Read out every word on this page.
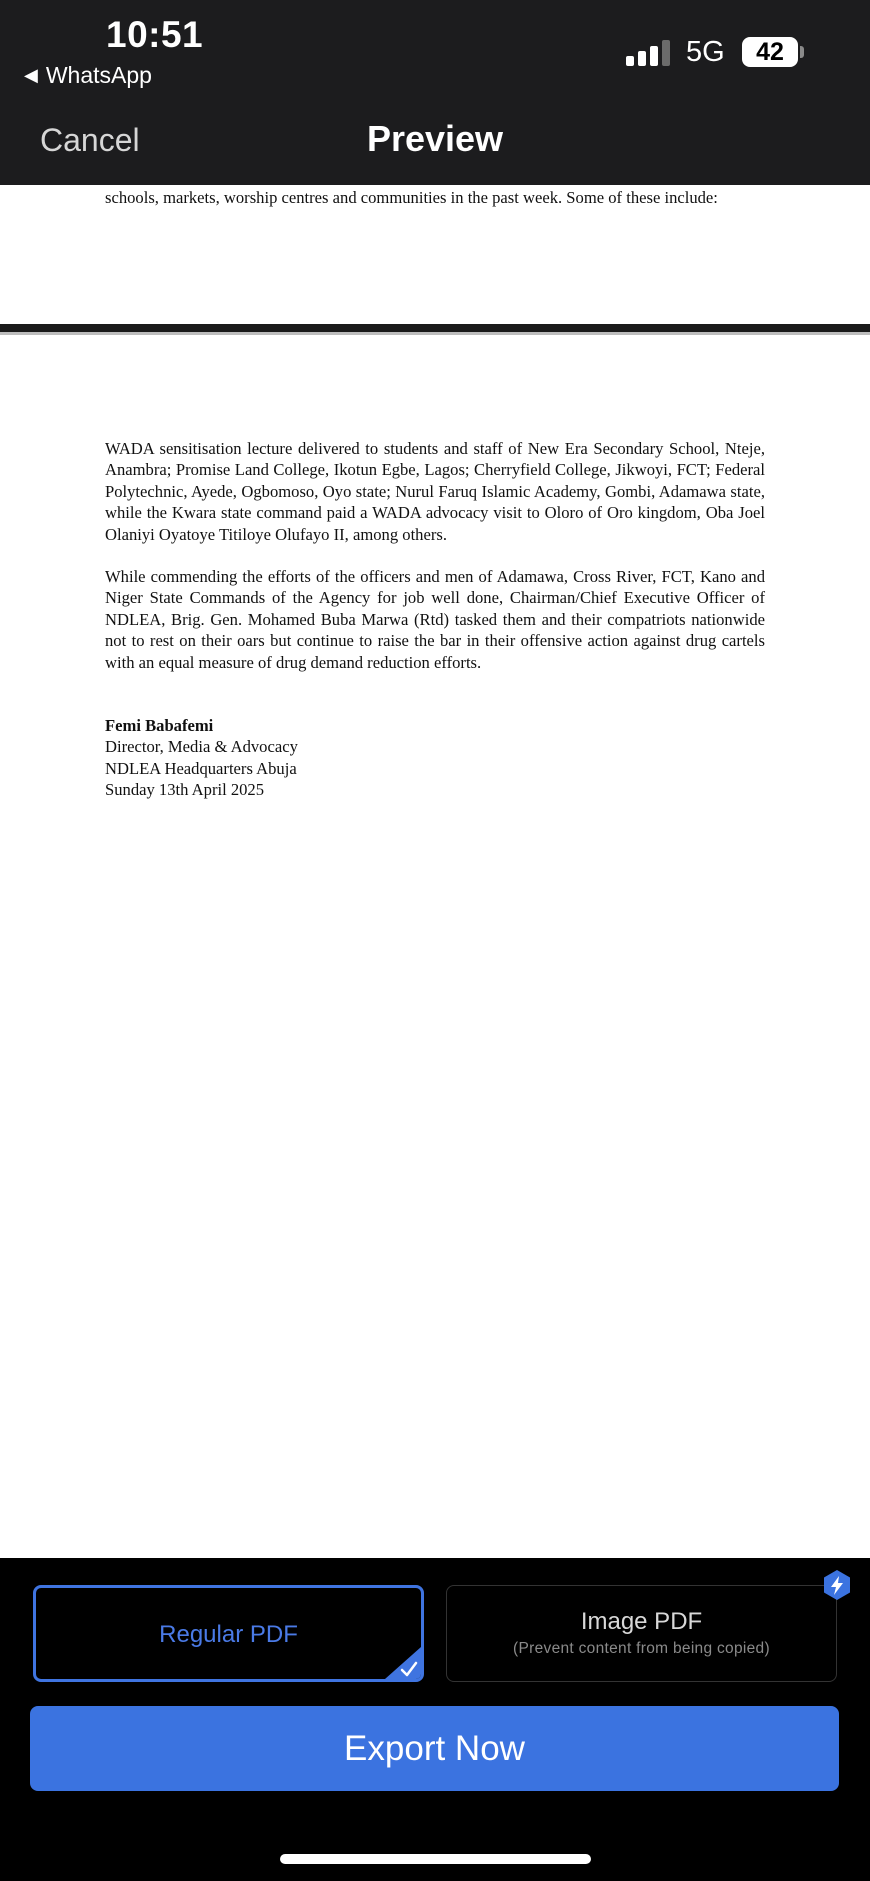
10:51
◀ WhatsApp
5G	42
Cancel	Preview
schools, markets, worship centres and communities in the past week. Some of these include:
WADA sensitisation lecture delivered to students and staff of New Era Secondary School, Nteje, Anambra; Promise Land College, Ikotun Egbe, Lagos; Cherryfield College, Jikwoyi, FCT; Federal Polytechnic, Ayede, Ogbomoso, Oyo state; Nurul Faruq Islamic Academy, Gombi, Adamawa state, while the Kwara state command paid a WADA advocacy visit to Oloro of Oro kingdom, Oba Joel Olaniyi Oyatoye Titiloye Olufayo II, among others.
While commending the efforts of the officers and men of Adamawa, Cross River, FCT, Kano and Niger State Commands of the Agency for job well done, Chairman/Chief Executive Officer of NDLEA, Brig. Gen. Mohamed Buba Marwa (Rtd) tasked them and their compatriots nationwide not to rest on their oars but continue to raise the bar in their offensive action against drug cartels with an equal measure of drug demand reduction efforts.
Femi Babafemi
Director, Media & Advocacy
NDLEA Headquarters Abuja
Sunday 13th April 2025
Regular PDF	Image PDF
(Prevent content from being copied)
Export Now
